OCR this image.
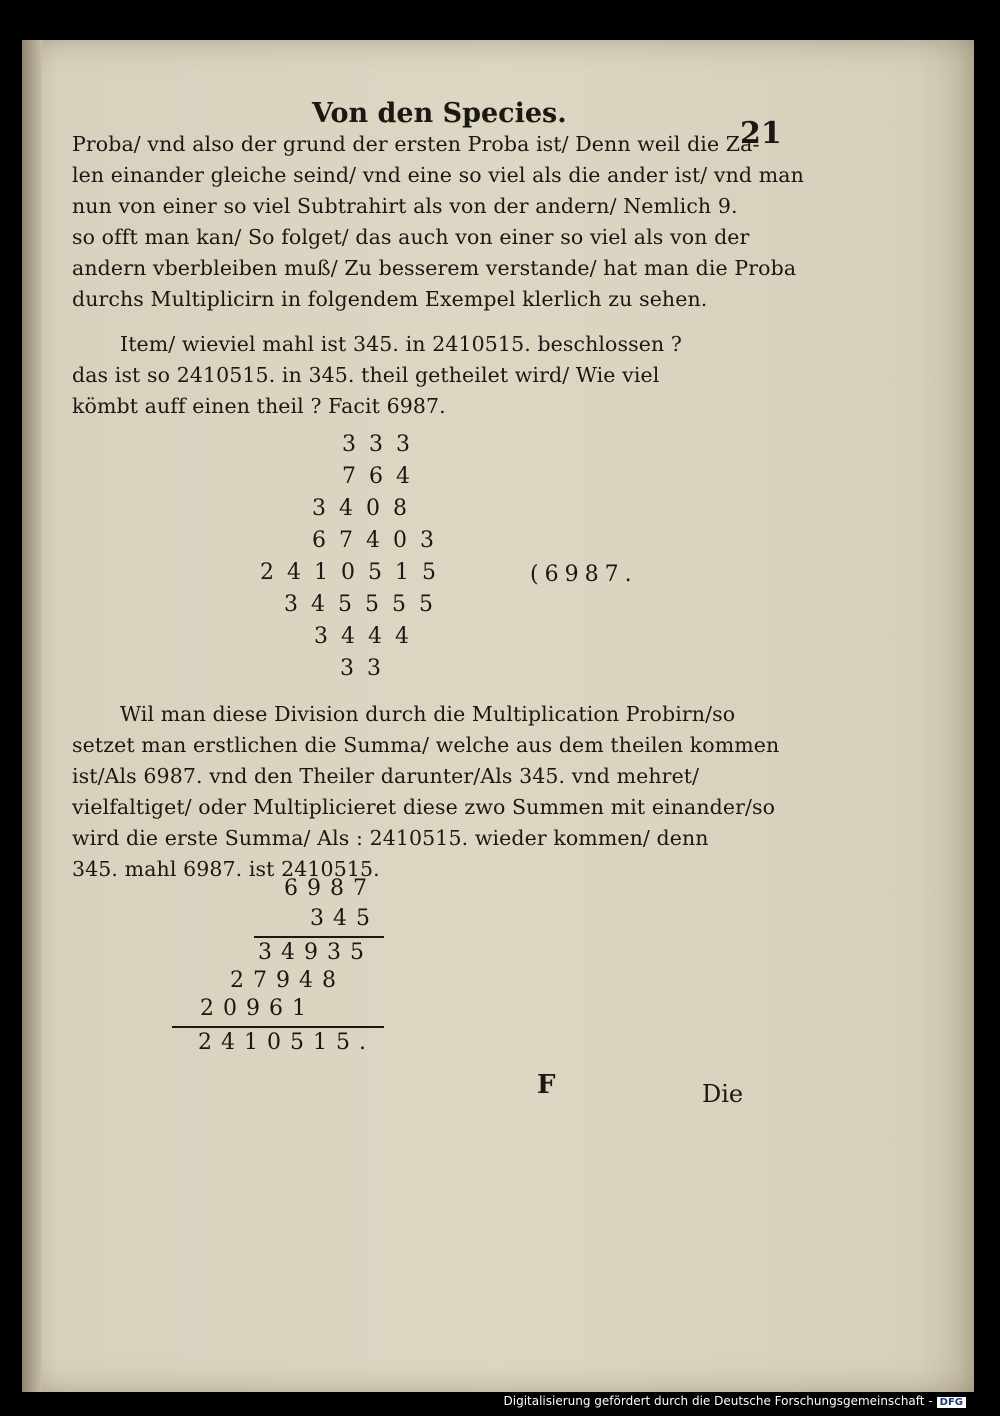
Von den Species.
21
Proba/ vnd also der grund der ersten Proba ist/ Denn weil die Za-
len einander gleiche seind/ vnd eine so viel als die ander ist/ vnd man
nun von einer so viel Subtrahirt als von der andern/ Nemlich 9.
so offt man kan/ So folget/ das auch von einer so viel als von der
andern vberbleiben muß/ Zu besserem verstande/ hat man die Proba
durchs Multiplicirn in folgendem Exempel klerlich zu sehen.
Item/ wieviel mahl ist 345. in 2410515. beschlossen ?
das ist so 2410515. in 345. theil getheilet wird/ Wie viel
kömbt auff einen theil ? Facit 6987.
333
764
3408
67403
2410515	(6987.
345555
3444
33
Wil man diese Division durch die Multiplication Probirn/so
setzet man erstlichen die Summa/ welche aus dem theilen kommen
ist/Als 6987. vnd den Theiler darunter/Als 345. vnd mehret/
vielfaltiget/ oder Multiplicieret diese zwo Summen mit einander/so
wird die erste Summa/ Als : 2410515. wieder kommen/ denn
345. mahl 6987. ist 2410515.
6987
345
34935
27948
20961
2410515.
F	Die
Digitalisierung gefördert durch die Deutsche Forschungsgemeinschaft - DFG
